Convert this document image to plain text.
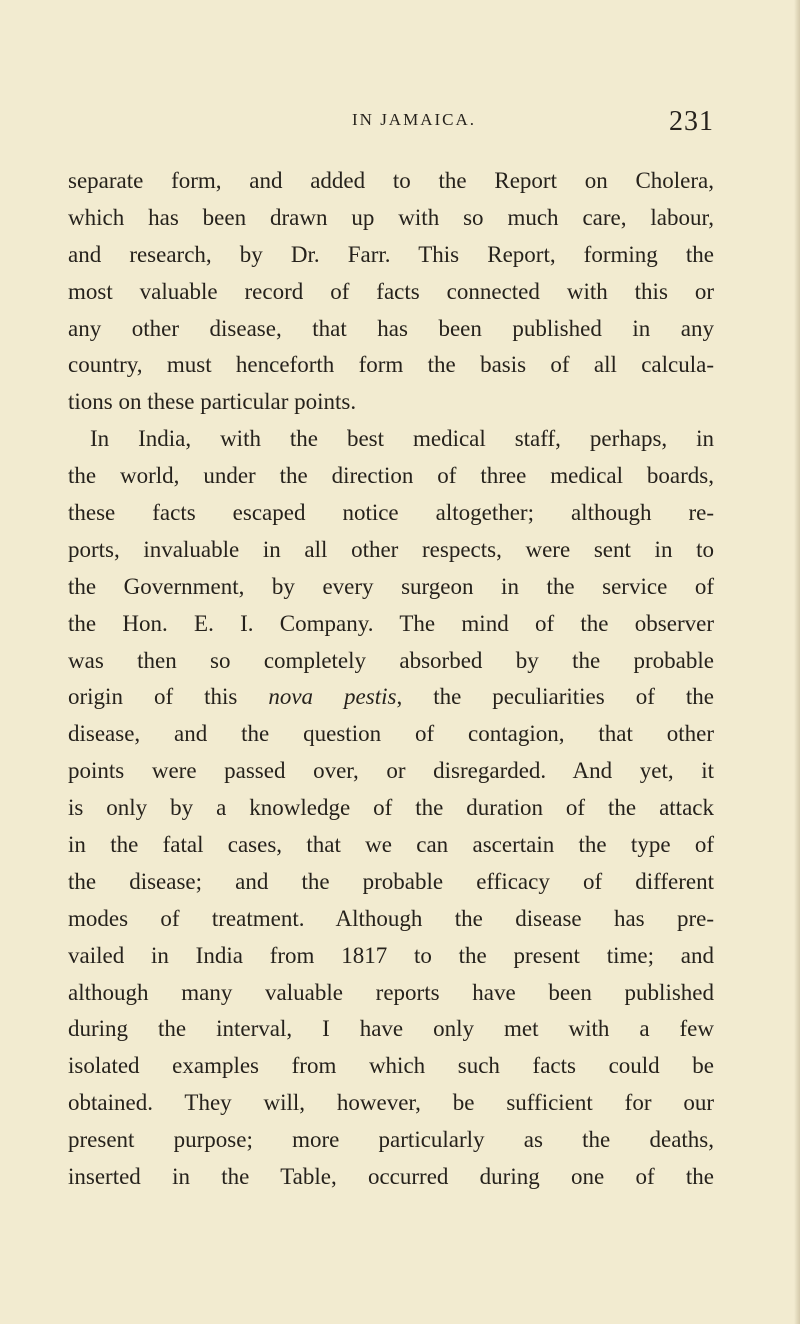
IN JAMAICA.	231
separate form, and added to the Report on Cholera,
which has been drawn up with so much care, labour,
and research, by Dr. Farr. This Report, forming the
most valuable record of facts connected with this or
any other disease, that has been published in any
country, must henceforth form the basis of all calcula-
tions on these particular points.
In India, with the best medical staff, perhaps, in
the world, under the direction of three medical boards,
these facts escaped notice altogether; although re-
ports, invaluable in all other respects, were sent in to
the Government, by every surgeon in the service of
the Hon. E. I. Company. The mind of the observer
was then so completely absorbed by the probable
origin of this nova pestis, the peculiarities of the
disease, and the question of contagion, that other
points were passed over, or disregarded. And yet, it
is only by a knowledge of the duration of the attack
in the fatal cases, that we can ascertain the type of
the disease; and the probable efficacy of different
modes of treatment. Although the disease has pre-
vailed in India from 1817 to the present time; and
although many valuable reports have been published
during the interval, I have only met with a few
isolated examples from which such facts could be
obtained. They will, however, be sufficient for our
present purpose; more particularly as the deaths,
inserted in the Table, occurred during one of the
